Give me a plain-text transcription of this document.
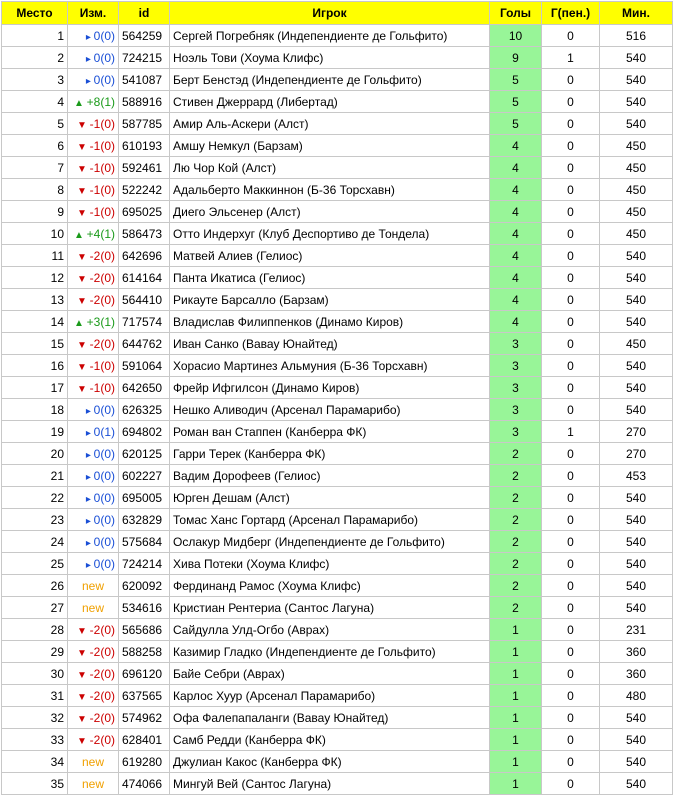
Место	Изм.	id	Игрок	Голы	Г(пен.)	Мин.
1	▸ 0(0)	564259	Сергей Погребняк (Индепендиенте де Гольфито)	10	0	516
2	▸ 0(0)	724215	Ноэль Тови (Хоума Клифс)	9	1	540
3	▸ 0(0)	541087	Берт Бенстэд (Индепендиенте де Гольфито)	5	0	540
4	▲ +8(1)	588916	Стивен Джеррард (Либертад)	5	0	540
5	▼ -1(0)	587785	Амир Аль-Аскери (Алст)	5	0	540
6	▼ -1(0)	610193	Амшу Немкул (Барзам)	4	0	450
7	▼ -1(0)	592461	Лю Чор Кой (Алст)	4	0	450
8	▼ -1(0)	522242	Адальберто Маккиннон (Б-36 Торсхавн)	4	0	450
9	▼ -1(0)	695025	Диего Эльсенер (Алст)	4	0	450
10	▲ +4(1)	586473	Отто Индерхуг (Клуб Деспортиво де Тондела)	4	0	450
11	▼ -2(0)	642696	Матвей Алиев (Гелиос)	4	0	540
12	▼ -2(0)	614164	Панта Икатиса (Гелиос)	4	0	540
13	▼ -2(0)	564410	Рикауте Барсалло (Барзам)	4	0	540
14	▲ +3(1)	717574	Владислав Филиппенков (Динамо Киров)	4	0	540
15	▼ -2(0)	644762	Иван Санко (Вавау Юнайтед)	3	0	450
16	▼ -1(0)	591064	Хорасио Мартинез Альмуния (Б-36 Торсхавн)	3	0	540
17	▼ -1(0)	642650	Фрейр Ифгилсон (Динамо Киров)	3	0	540
18	▸ 0(0)	626325	Нешко Аливодич (Арсенал Парамарибо)	3	0	540
19	▸ 0(1)	694802	Роман ван Стаппен (Канберра ФК)	3	1	270
20	▸ 0(0)	620125	Гарри Терек (Канберра ФК)	2	0	270
21	▸ 0(0)	602227	Вадим Дорофеев (Гелиос)	2	0	453
22	▸ 0(0)	695005	Юрген Дешам (Алст)	2	0	540
23	▸ 0(0)	632829	Томас Ханс Гортард (Арсенал Парамарибо)	2	0	540
24	▸ 0(0)	575684	Ослакур Мидберг (Индепендиенте де Гольфито)	2	0	540
25	▸ 0(0)	724214	Хива Потеки (Хоума Клифс)	2	0	540
26	new	620092	Фердинанд Рамос (Хоума Клифс)	2	0	540
27	new	534616	Кристиан Рентериа (Сантос Лагуна)	2	0	540
28	▼ -2(0)	565686	Сайдулла Улд-Огбо (Аврах)	1	0	231
29	▼ -2(0)	588258	Казимир Гладко (Индепендиенте де Гольфито)	1	0	360
30	▼ -2(0)	696120	Байе Себри (Аврах)	1	0	360
31	▼ -2(0)	637565	Карлос Хуур (Арсенал Парамарибо)	1	0	480
32	▼ -2(0)	574962	Офа Фалепапаланги (Вавау Юнайтед)	1	0	540
33	▼ -2(0)	628401	Самб Редди (Канберра ФК)	1	0	540
34	new	619280	Джулиан Какос (Канберра ФК)	1	0	540
35	new	474066	Мингуй Вей (Сантос Лагуна)	1	0	540
